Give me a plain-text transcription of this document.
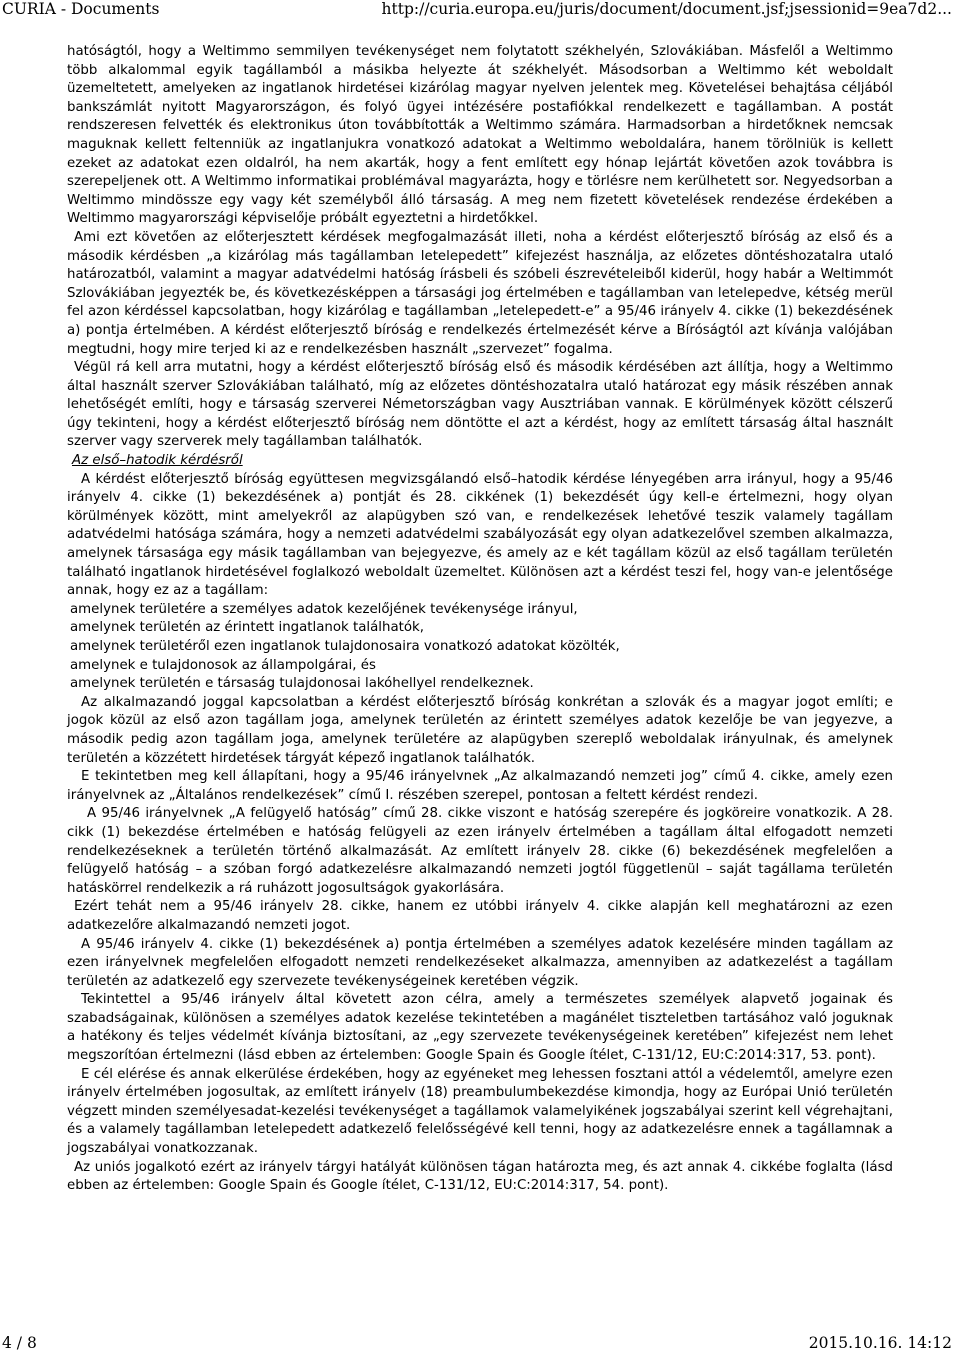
CURIA - Documents	http://curia.europa.eu/juris/document/document.jsf;jsessionid=9ea7d2...

hatóságtól, hogy a Weltimmo semmilyen tevékenységet nem folytatott székhelyén, Szlovákiában. Másfelől a Weltimmo több alkalommal egyik tagállamból a másikba helyezte át székhelyét. Másodsorban a Weltimmo két weboldalt üzemeltetett, amelyeken az ingatlanok hirdetései kizárólag magyar nyelven jelentek meg. Követelései behajtása céljából bankszámlát nyitott Magyarországon, és folyó ügyei intézésére postafiókkal rendelkezett e tagállamban. A postát rendszeresen felvették és elektronikus úton továbbították a Weltimmo számára. Harmadsorban a hirdetőknek nemcsak maguknak kellett feltenniük az ingatlanjukra vonatkozó adatokat a Weltimmo weboldalára, hanem törölniük is kellett ezeket az adatokat ezen oldalról, ha nem akarták, hogy a fent említett egy hónap lejártát követően azok továbbra is szerepeljenek ott. A Weltimmo informatikai problémával magyarázta, hogy e törlésre nem kerülhetett sor. Negyedsorban a Weltimmo mindössze egy vagy két személyből álló társaság. A meg nem fizetett követelések rendezése érdekében a Weltimmo magyarországi képviselője próbált egyeztetni a hirdetőkkel.

Ami ezt követően az előterjesztett kérdések megfogalmazását illeti, noha a kérdést előterjesztő bíróság az első és a második kérdésben „a kizárólag más tagállamban letelepedett” kifejezést használja, az előzetes döntéshozatalra utaló határozatból, valamint a magyar adatvédelmi hatóság írásbeli és szóbeli észrevételeiből kiderül, hogy habár a Weltimmót Szlovákiában jegyezték be, és következésképpen a társasági jog értelmében e tagállamban van letelepedve, kétség merül fel azon kérdéssel kapcsolatban, hogy kizárólag e tagállamban „letelepedett‑e” a 95/46 irányelv 4. cikke (1) bekezdésének a) pontja értelmében. A kérdést előterjesztő bíróság e rendelkezés értelmezését kérve a Bíróságtól azt kívánja valójában megtudni, hogy mire terjed ki az e rendelkezésben használt „szervezet” fogalma.

Végül rá kell arra mutatni, hogy a kérdést előterjesztő bíróság első és második kérdésében azt állítja, hogy a Weltimmo által használt szerver Szlovákiában található, míg az előzetes döntéshozatalra utaló határozat egy másik részében annak lehetőségét említi, hogy e társaság szerverei Németországban vagy Ausztriában vannak. E körülmények között célszerű úgy tekinteni, hogy a kérdést előterjesztő bíróság nem döntötte el azt a kérdést, hogy az említett társaság által használt szerver vagy szerverek mely tagállamban találhatók.

Az első–hatodik kérdésről

A kérdést előterjesztő bíróság együttesen megvizsgálandó első–hatodik kérdése lényegében arra irányul, hogy a 95/46 irányelv 4. cikke (1) bekezdésének a) pontját és 28. cikkének (1) bekezdését úgy kell‑e értelmezni, hogy olyan körülmények között, mint amelyekről az alapügyben szó van, e rendelkezések lehetővé teszik valamely tagállam adatvédelmi hatósága számára, hogy a nemzeti adatvédelmi szabályozását egy olyan adatkezelővel szemben alkalmazza, amelynek társasága egy másik tagállamban van bejegyezve, és amely az e két tagállam közül az első tagállam területén található ingatlanok hirdetésével foglalkozó weboldalt üzemeltet. Különösen azt a kérdést teszi fel, hogy van‑e jelentősége annak, hogy ez az a tagállam:

amelynek területére a személyes adatok kezelőjének tevékenysége irányul,

amelynek területén az érintett ingatlanok találhatók,

amelynek területéről ezen ingatlanok tulajdonosaira vonatkozó adatokat közölték,

amelynek e tulajdonosok az állampolgárai, és

amelynek területén e társaság tulajdonosai lakóhellyel rendelkeznek.

Az alkalmazandó joggal kapcsolatban a kérdést előterjesztő bíróság konkrétan a szlovák és a magyar jogot említi; e jogok közül az első azon tagállam joga, amelynek területén az érintett személyes adatok kezelője be van jegyezve, a második pedig azon tagállam joga, amelynek területére az alapügyben szereplő weboldalak irányulnak, és amelynek területén a közzétett hirdetések tárgyát képező ingatlanok találhatók.

E tekintetben meg kell állapítani, hogy a 95/46 irányelvnek „Az alkalmazandó nemzeti jog” című 4. cikke, amely ezen irányelvnek az „Általános rendelkezések” című I. részében szerepel, pontosan a feltett kérdést rendezi.

A 95/46 irányelvnek „A felügyelő hatóság” című 28. cikke viszont e hatóság szerepére és jogköreire vonatkozik. A 28. cikk (1) bekezdése értelmében e hatóság felügyeli az ezen irányelv értelmében a tagállam által elfogadott nemzeti rendelkezéseknek a területén történő alkalmazását. Az említett irányelv 28. cikke (6) bekezdésének megfelelően a felügyelő hatóság – a szóban forgó adatkezelésre alkalmazandó nemzeti jogtól függetlenül – saját tagállama területén hatáskörrel rendelkezik a rá ruházott jogosultságok gyakorlására.

Ezért tehát nem a 95/46 irányelv 28. cikke, hanem ez utóbbi irányelv 4. cikke alapján kell meghatározni az ezen adatkezelőre alkalmazandó nemzeti jogot.

A 95/46 irányelv 4. cikke (1) bekezdésének a) pontja értelmében a személyes adatok kezelésére minden tagállam az ezen irányelvnek megfelelően elfogadott nemzeti rendelkezéseket alkalmazza, amennyiben az adatkezelést a tagállam területén az adatkezelő egy szervezete tevékenységeinek keretében végzik.

Tekintettel a 95/46 irányelv által követett azon célra, amely a természetes személyek alapvető jogainak és szabadságainak, különösen a személyes adatok kezelése tekintetében a magánélet tiszteletben tartásához való joguknak a hatékony és teljes védelmét kívánja biztosítani, az „egy szervezete tevékenységeinek keretében” kifejezést nem lehet megszorítóan értelmezni (lásd ebben az értelemben: Google Spain és Google ítélet, C‑131/12, EU:C:2014:317, 53. pont).

E cél elérése és annak elkerülése érdekében, hogy az egyéneket meg lehessen fosztani attól a védelemtől, amelyre ezen irányelv értelmében jogosultak, az említett irányelv (18) preambulumbekezdése kimondja, hogy az Európai Unió területén végzett minden személyesadat‑kezelési tevékenységet a tagállamok valamelyikének jogszabályai szerint kell végrehajtani, és a valamely tagállamban letelepedett adatkezelő felelősségévé kell tenni, hogy az adatkezelésre ennek a tagállamnak a jogszabályai vonatkozzanak.

Az uniós jogalkotó ezért az irányelv tárgyi hatályát különösen tágan határozta meg, és azt annak 4. cikkébe foglalta (lásd ebben az értelemben: Google Spain és Google ítélet, C‑131/12, EU:C:2014:317, 54. pont).

4 / 8	2015.10.16. 14:12
